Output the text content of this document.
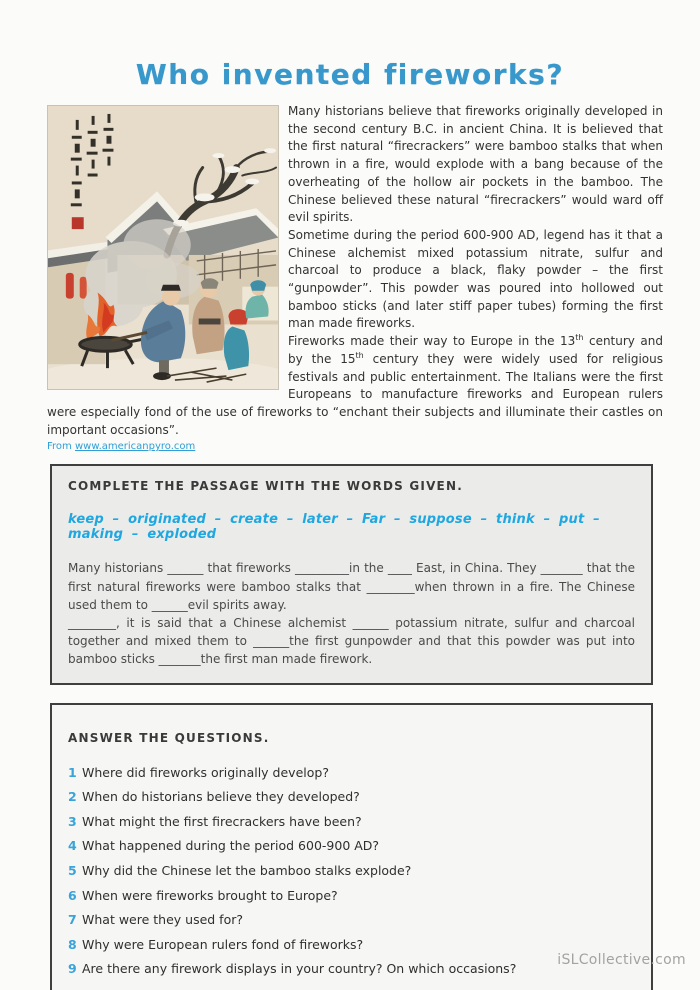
Who invented fireworks?

Many historians believe that fireworks originally developed in the second century B.C. in ancient China. It is believed that the first natural “firecrackers” were bamboo stalks that when thrown in a fire, would explode with a bang because of the overheating of the hollow air pockets in the bamboo. The Chinese believed these natural “firecrackers” would ward off evil spirits.

Sometime during the period 600-900 AD, legend has it that a Chinese alchemist mixed potassium nitrate, sulfur and charcoal to produce a black, flaky powder – the first “gunpowder”. This powder was poured into hollowed out bamboo sticks (and later stiff paper tubes) forming the first man made fireworks.

Fireworks made their way to Europe in the 13th century and by the 15th century they were widely used for religious festivals and public entertainment. The Italians were the first Europeans to manufacture fireworks and European rulers were especially fond of the use of fireworks to “enchant their subjects and illuminate their castles on important occasions”.

From www.americanpyro.com
COMPLETE THE PASSAGE WITH THE WORDS GIVEN.
keep – originated – create – later – Far – suppose – think – put – making – exploded

Many historians ______ that fireworks _________in the ____ East, in China. They _______ that the first natural fireworks were bamboo stalks that ________when thrown in a fire. The Chinese used them to ______evil spirits away.

________, it is said that a Chinese alchemist ______ potassium nitrate, sulfur and charcoal together and mixed them to ______the first gunpowder and that this powder was put into bamboo sticks _______the first man made firework.

ANSWER THE QUESTIONS.
1 Where did fireworks originally develop?
2 When do historians believe they developed?
3 What might the first firecrackers have been?
4 What happened during the period 600-900 AD?
5 Why did the Chinese let the bamboo stalks explode?
6 When were fireworks brought to Europe?
7 What were they used for?
8 Why were European rulers fond of fireworks?
9 Are there any firework displays in your country? On which occasions?
iSLCollective.com
